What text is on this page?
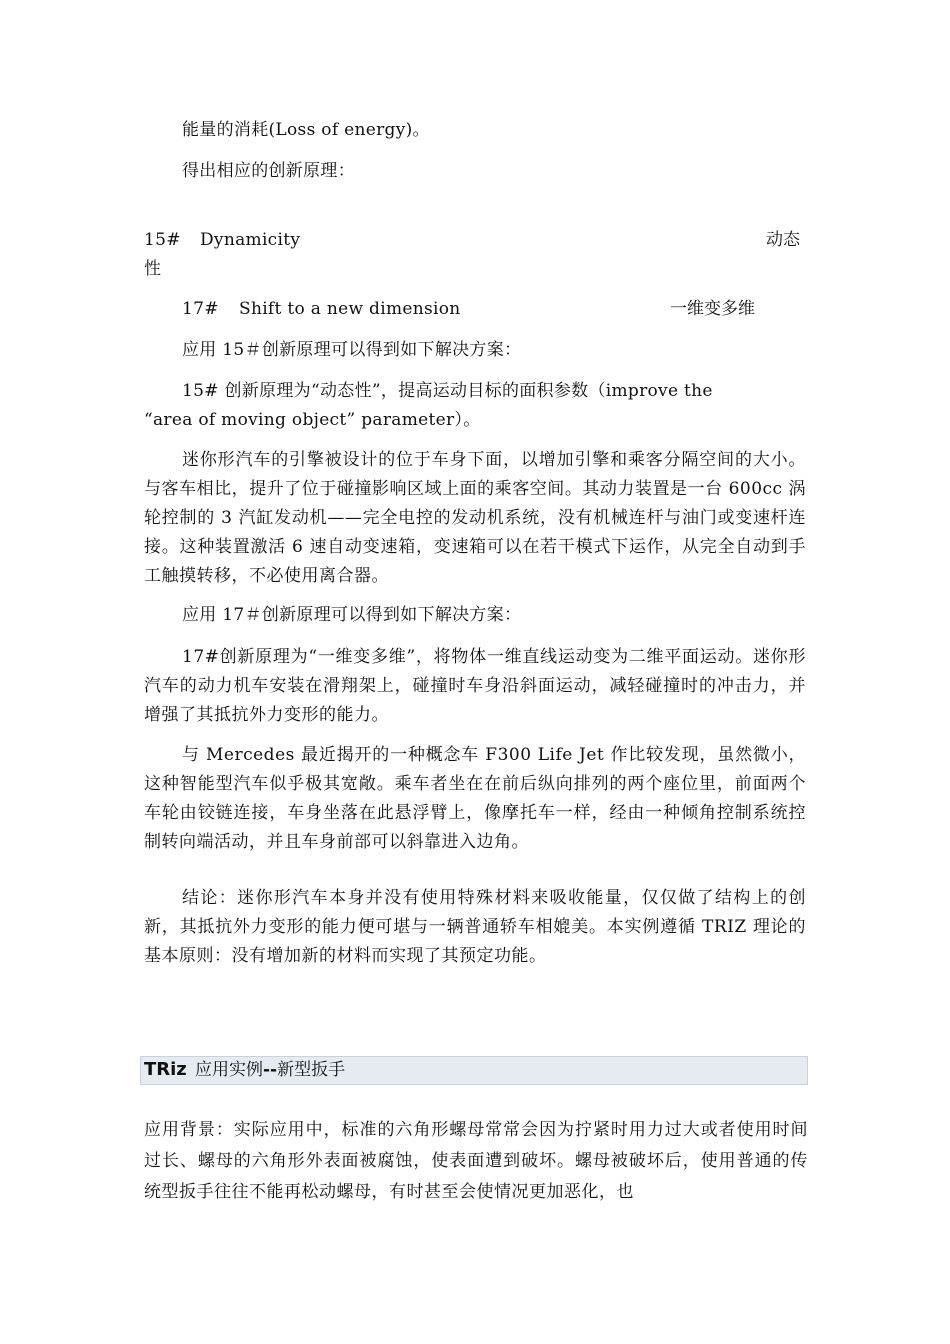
能量的消耗(Loss of energy)。
得出相应的创新原理：
15# Dynamicity	动态
性
17# Shift to a new dimension	一维变多维
应用 15＃创新原理可以得到如下解决方案：
15# 创新原理为“动态性”，提高运动目标的面积参数（improve the
“area of moving object” parameter）。
迷你形汽车的引擎被设计的位于车身下面，以增加引擎和乘客分隔空间的大小。与客车相比，提升了位于碰撞影响区域上面的乘客空间。其动力装置是一台 600cc 涡轮控制的 3 汽缸发动机——完全电控的发动机系统，没有机械连杆与油门或变速杆连接。这种装置激活 6 速自动变速箱，变速箱可以在若干模式下运作，从完全自动到手工触摸转移，不必使用离合器。
应用 17＃创新原理可以得到如下解决方案：
17#创新原理为“一维变多维”，将物体一维直线运动变为二维平面运动。迷你形汽车的动力机车安装在滑翔架上，碰撞时车身沿斜面运动，减轻碰撞时的冲击力，并增强了其抵抗外力变形的能力。
与 Mercedes 最近揭开的一种概念车 F300 Life Jet 作比较发现，虽然微小，这种智能型汽车似乎极其宽敞。乘车者坐在在前后纵向排列的两个座位里，前面两个车轮由铰链连接，车身坐落在此悬浮臂上，像摩托车一样，经由一种倾角控制系统控制转向端活动，并且车身前部可以斜靠进入边角。
结论：迷你形汽车本身并没有使用特殊材料来吸收能量，仅仅做了结构上的创新，其抵抗外力变形的能力便可堪与一辆普通轿车相媲美。本实例遵循 TRIZ 理论的基本原则：没有增加新的材料而实现了其预定功能。
TRiz 应用实例--新型扳手
应用背景：实际应用中，标准的六角形螺母常常会因为拧紧时用力过大或者使用时间过长、螺母的六角形外表面被腐蚀，使表面遭到破坏。螺母被破坏后，使用普通的传统型扳手往往不能再松动螺母，有时甚至会使情况更加恶化，也
